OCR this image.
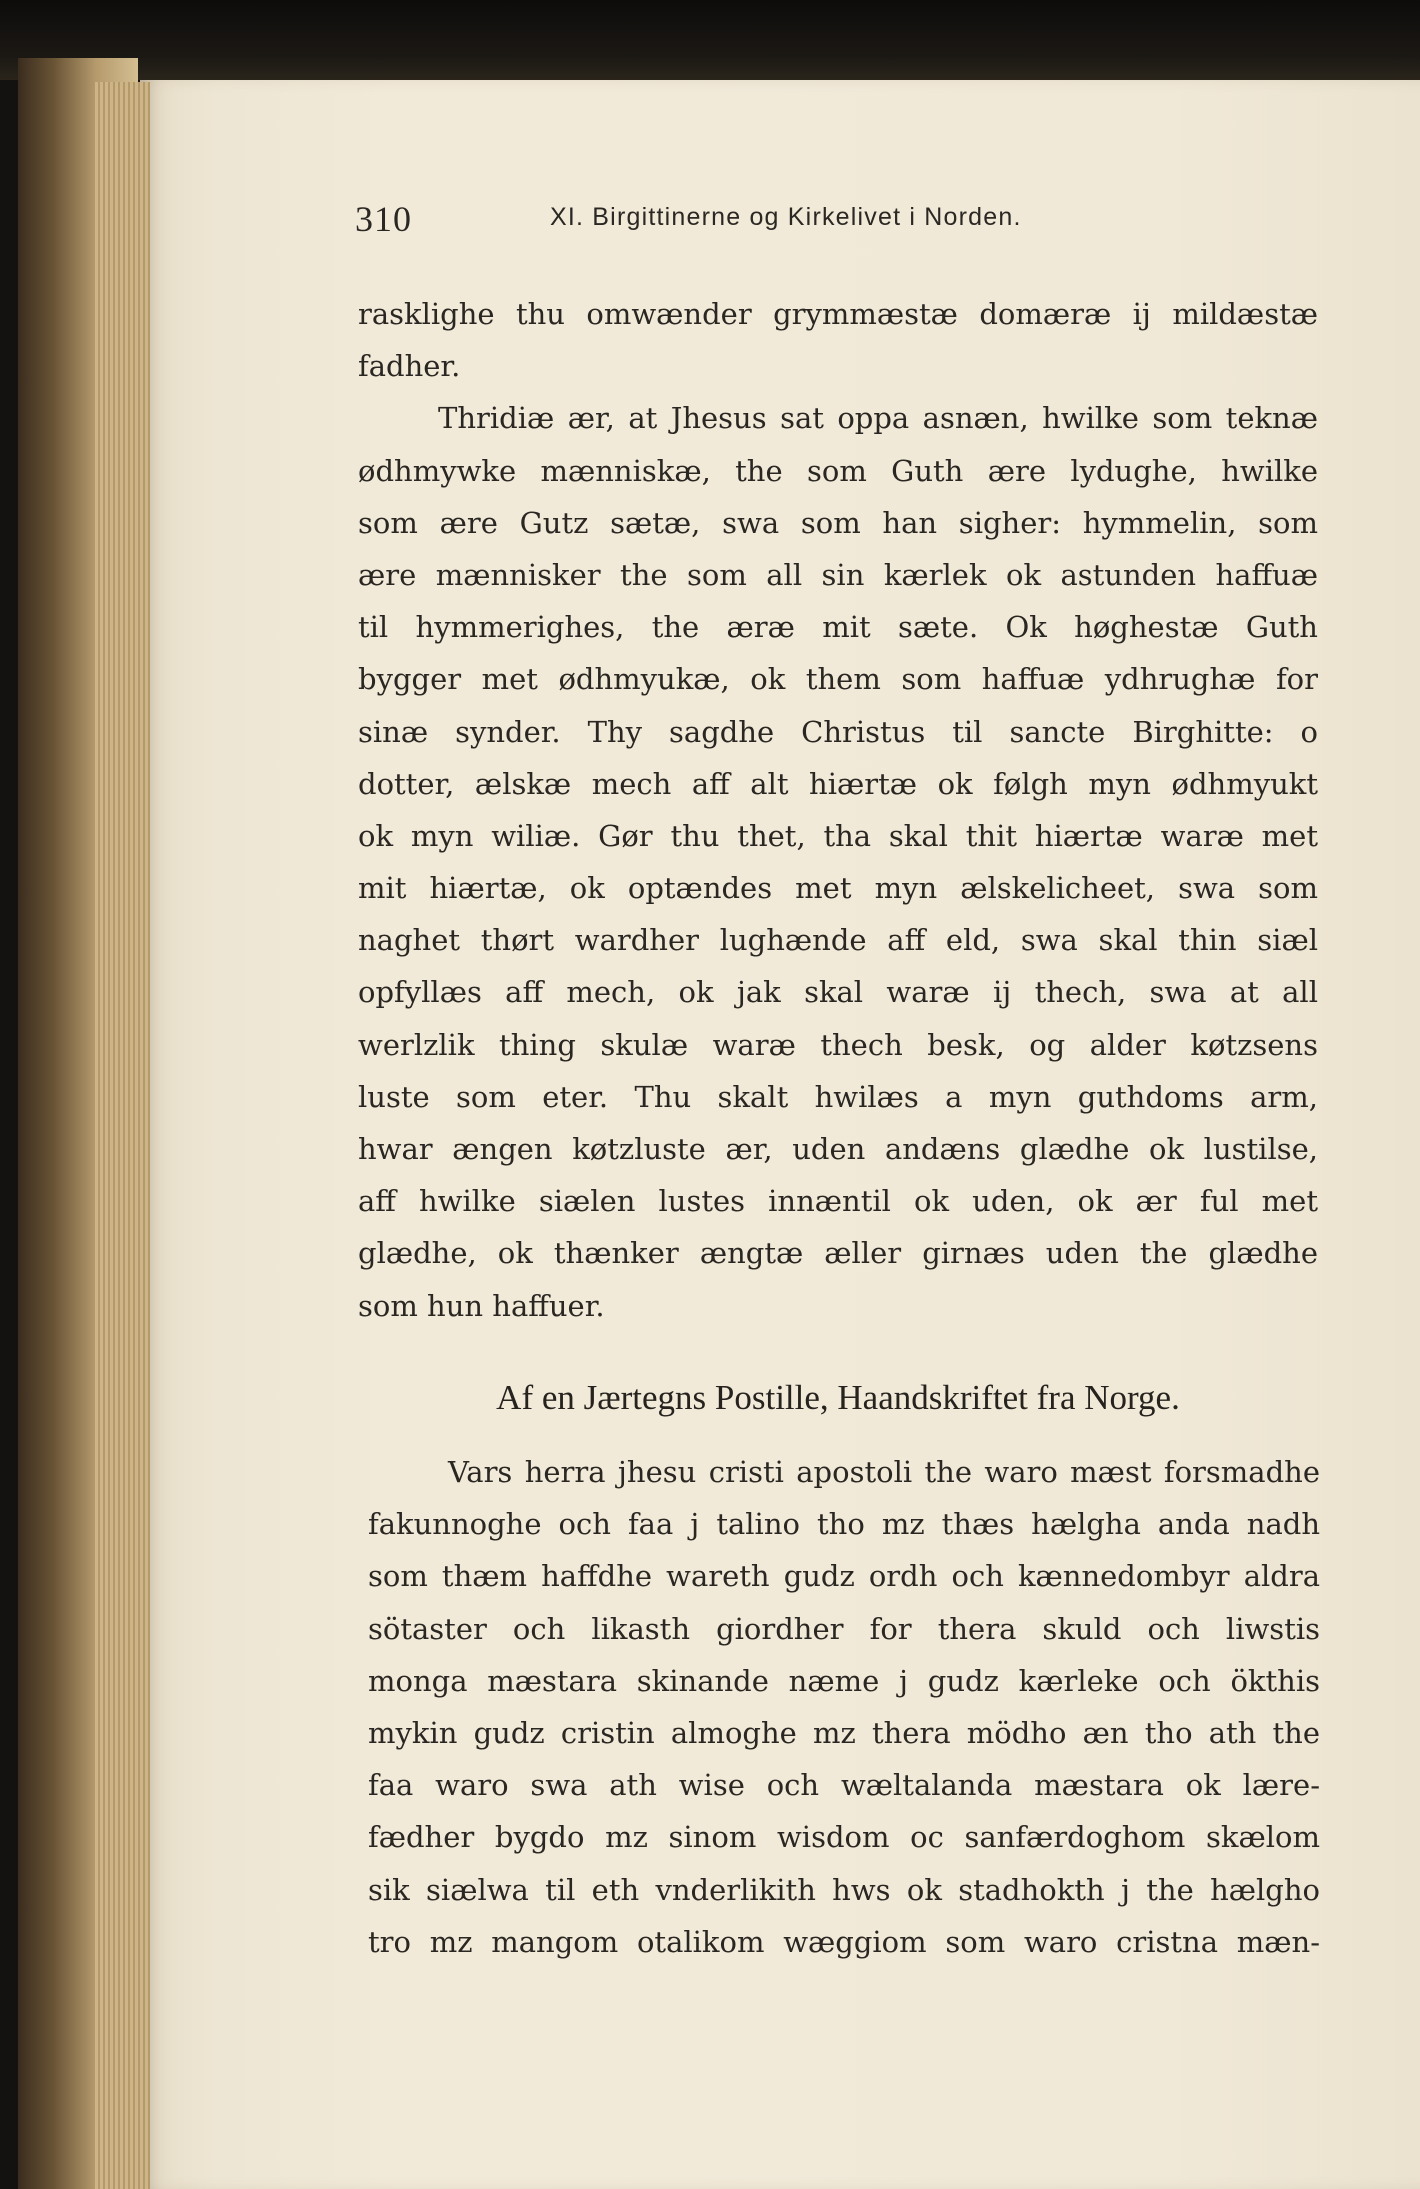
310	XI. Birgittinerne og Kirkelivet i Norden.
rasklighe thu omwænder grymmæstæ domæræ ij mildæstæ
fadher.
Thridiæ ær, at Jhesus sat oppa asnæn, hwilke som teknæ
ødhmywke mænniskæ, the som Guth ære lydughe, hwilke
som ære Gutz sætæ, swa som han sigher: hymmelin, som
ære mænnisker the som all sin kærlek ok astunden haffuæ
til hymmerighes, the æræ mit sæte. Ok høghestæ Guth
bygger met ødhmyukæ, ok them som haffuæ ydhrughæ for
sinæ synder. Thy sagdhe Christus til sancte Birghitte: o
dotter, ælskæ mech aff alt hiærtæ ok følgh myn ødhmyukt
ok myn wiliæ. Gør thu thet, tha skal thit hiærtæ waræ met
mit hiærtæ, ok optændes met myn ælskelicheet, swa som
naghet thørt wardher lughænde aff eld, swa skal thin siæl
opfyllæs aff mech, ok jak skal waræ ij thech, swa at all
werlzlik thing skulæ waræ thech besk, og alder køtzsens
luste som eter. Thu skalt hwilæs a myn guthdoms arm,
hwar ængen køtzluste ær, uden andæns glædhe ok lustilse,
aff hwilke siælen lustes innæntil ok uden, ok ær ful met
glædhe, ok thænker ængtæ æller girnæs uden the glædhe
som hun haffuer.
Af en Jærtegns Postille, Haandskriftet fra Norge.
Vars herra jhesu cristi apostoli the waro mæst forsmadhe
fakunnoghe och faa j talino tho mz thæs hælgha anda nadh
som thæm haffdhe wareth gudz ordh och kænnedombyr aldra
sötaster och likasth giordher for thera skuld och liwstis
monga mæstara skinande næme j gudz kærleke och ökthis
mykin gudz cristin almoghe mz thera mödho æn tho ath the
faa waro swa ath wise och wæltalanda mæstara ok lære-
fædher bygdo mz sinom wisdom oc sanfærdoghom skælom
sik siælwa til eth vnderlikith hws ok stadhokth j the hælgho
tro mz mangom otalikom wæggiom som waro cristna mæn-
